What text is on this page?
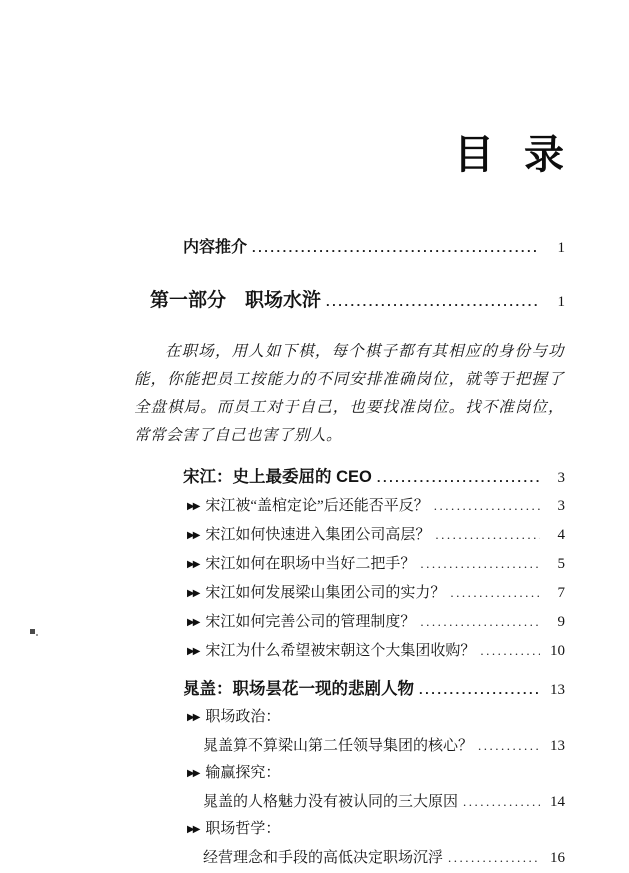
目 录
内容推介 .....	1
第一部分　职场水浒 .....	1

在职场，用人如下棋，每个棋子都有其相应的身份与功能，你能把员工按能力的不同安排准确岗位，就等于把握了全盘棋局。而员工对于自己，也要找准岗位。找不准岗位，常常会害了自己也害了别人。

宋江：史上最委屈的 CEO .....	3
▶▶ 宋江被“盖棺定论”后还能否平反？ .....	3
▶▶ 宋江如何快速进入集团公司高层？ .....	4
▶▶ 宋江如何在职场中当好二把手？ .....	5
▶▶ 宋江如何发展梁山集团公司的实力？ .....	7
▶▶ 宋江如何完善公司的管理制度？ .....	9
▶▶ 宋江为什么希望被宋朝这个大集团收购？ .....	10
晁盖：职场昙花一现的悲剧人物 .....	13
▶▶ 职场政治：
晁盖算不算梁山第二任领导集团的核心？ .....	13
▶▶ 输赢探究：
晁盖的人格魅力没有被认同的三大原因 .....	14
▶▶ 职场哲学：
经营理念和手段的高低决定职场沉浮 .....	16
